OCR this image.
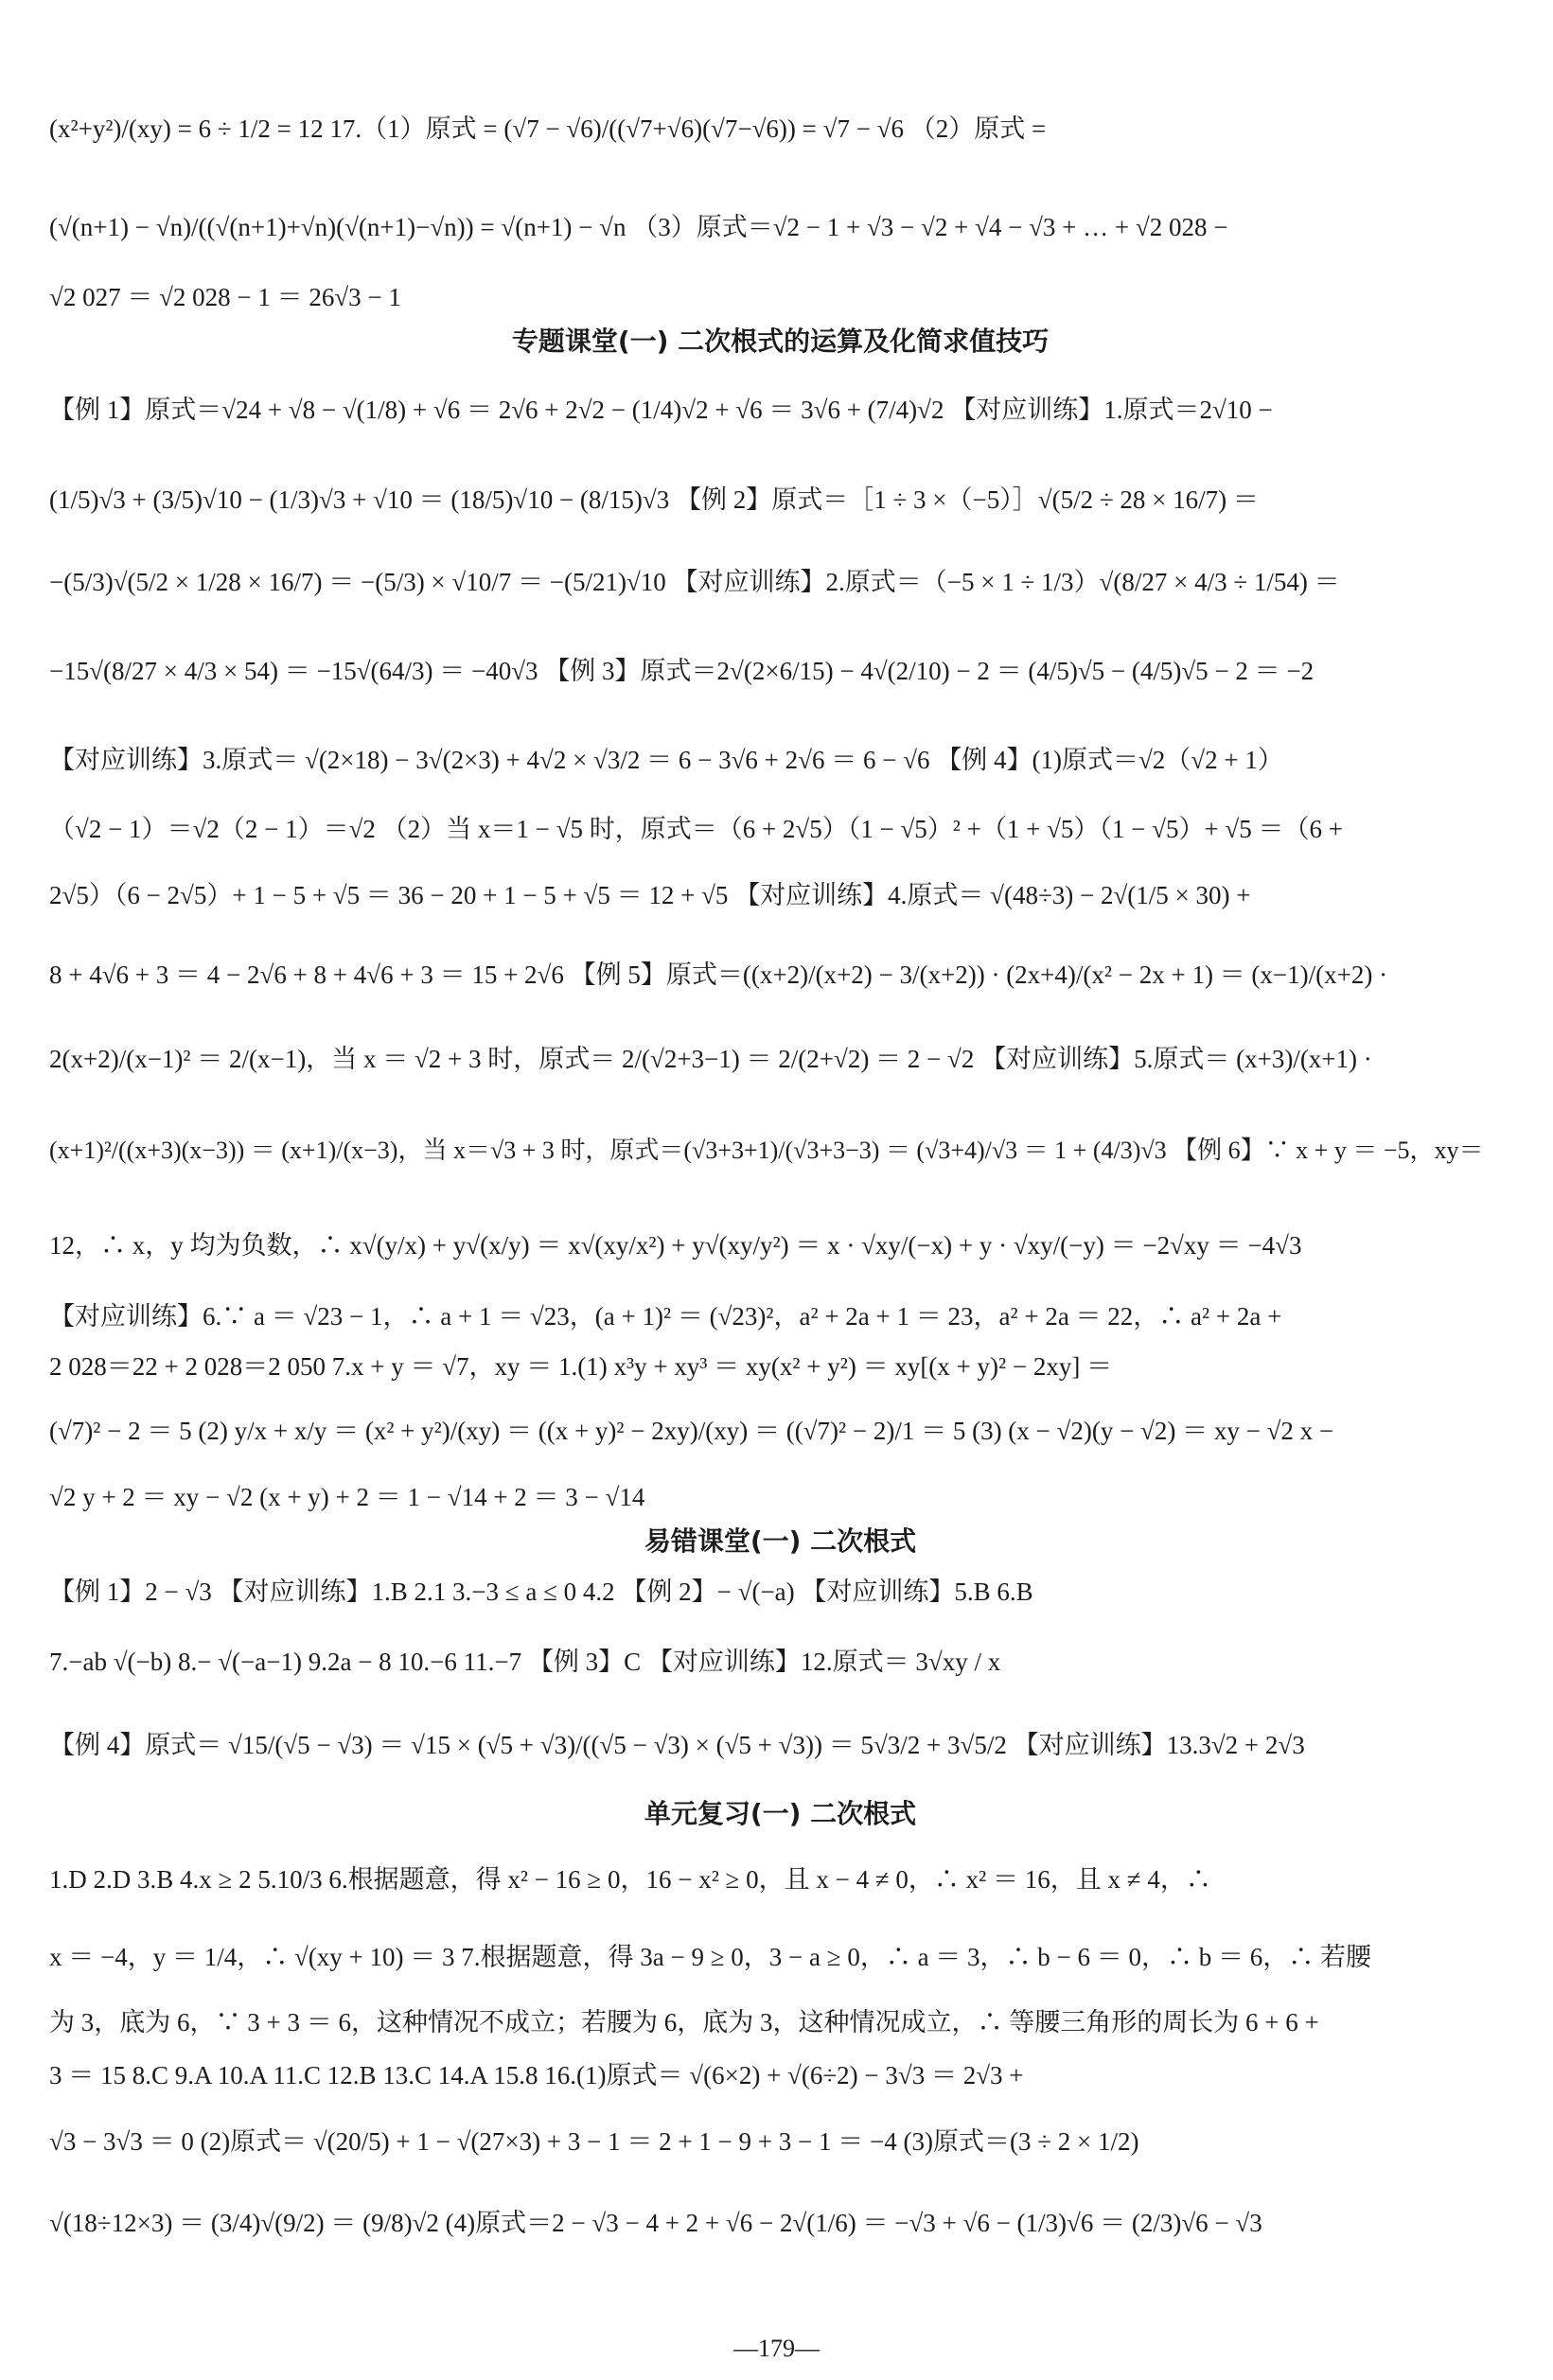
(x²+y²)/(xy) = 6 ÷ 1/2 = 12 17.（1）原式 = (√7 − √6)/((√7+√6)(√7−√6)) = √7 − √6 （2）原式 =
(√(n+1) − √n)/((√(n+1)+√n)(√(n+1)−√n)) = √(n+1) − √n （3）原式＝√2 − 1 + √3 − √2 + √4 − √3 + … + √2 028 −
√2 027 ＝ √2 028 − 1 ＝ 26√3 − 1
专题课堂(一) 二次根式的运算及化简求值技巧
【例 1】原式＝√24 + √8 − √(1/8) + √6 ＝ 2√6 + 2√2 − (1/4)√2 + √6 ＝ 3√6 + (7/4)√2 【对应训练】1.原式＝2√10 −
(1/5)√3 + (3/5)√10 − (1/3)√3 + √10 ＝ (18/5)√10 − (8/15)√3 【例 2】原式＝［1 ÷ 3 ×（−5）］√(5/2 ÷ 28 × 16/7) ＝
−(5/3)√(5/2 × 1/28 × 16/7) ＝ −(5/3) × √10/7 ＝ −(5/21)√10 【对应训练】2.原式＝（−5 × 1 ÷ 1/3）√(8/27 × 4/3 ÷ 1/54) ＝
−15√(8/27 × 4/3 × 54) ＝ −15√(64/3) ＝ −40√3 【例 3】原式＝2√(2×6/15) − 4√(2/10) − 2 ＝ (4/5)√5 − (4/5)√5 − 2 ＝ −2
【对应训练】3.原式＝ √(2×18) − 3√(2×3) + 4√2 × √3/2 ＝ 6 − 3√6 + 2√6 ＝ 6 − √6 【例 4】(1)原式＝√2（√2 + 1）
（√2 − 1）＝√2（2 − 1）＝√2 （2）当 x＝1 − √5 时，原式＝（6 + 2√5）（1 − √5）² +（1 + √5）（1 − √5）+ √5 ＝（6 +
2√5）（6 − 2√5）+ 1 − 5 + √5 ＝ 36 − 20 + 1 − 5 + √5 ＝ 12 + √5 【对应训练】4.原式＝ √(48÷3) − 2√(1/5 × 30) +
8 + 4√6 + 3 ＝ 4 − 2√6 + 8 + 4√6 + 3 ＝ 15 + 2√6 【例 5】原式＝((x+2)/(x+2) − 3/(x+2)) · (2x+4)/(x² − 2x + 1) ＝ (x−1)/(x+2) ·
2(x+2)/(x−1)² ＝ 2/(x−1)，当 x ＝ √2 + 3 时，原式＝ 2/(√2+3−1) ＝ 2/(2+√2) ＝ 2 − √2 【对应训练】5.原式＝ (x+3)/(x+1) ·
(x+1)²/((x+3)(x−3)) ＝ (x+1)/(x−3)，当 x＝√3 + 3 时，原式＝(√3+3+1)/(√3+3−3) ＝ (√3+4)/√3 ＝ 1 + (4/3)√3 【例 6】∵ x + y ＝ −5，xy＝
12，∴ x，y 均为负数，∴ x√(y/x) + y√(x/y) ＝ x√(xy/x²) + y√(xy/y²) ＝ x · √xy/(−x) + y · √xy/(−y) ＝ −2√xy ＝ −4√3
【对应训练】6.∵ a ＝ √23 − 1，∴ a + 1 ＝ √23，(a + 1)² ＝ (√23)²，a² + 2a + 1 ＝ 23，a² + 2a ＝ 22，∴ a² + 2a +
2 028＝22 + 2 028＝2 050 7.x + y ＝ √7，xy ＝ 1.(1) x³y + xy³ ＝ xy(x² + y²) ＝ xy[(x + y)² − 2xy] ＝
(√7)² − 2 ＝ 5 (2) y/x + x/y ＝ (x² + y²)/(xy) ＝ ((x + y)² − 2xy)/(xy) ＝ ((√7)² − 2)/1 ＝ 5 (3) (x − √2)(y − √2) ＝ xy − √2 x −
√2 y + 2 ＝ xy − √2 (x + y) + 2 ＝ 1 − √14 + 2 ＝ 3 − √14
易错课堂(一) 二次根式
【例 1】2 − √3 【对应训练】1.B 2.1 3.−3 ≤ a ≤ 0 4.2 【例 2】− √(−a) 【对应训练】5.B 6.B
7.−ab √(−b) 8.− √(−a−1) 9.2a − 8 10.−6 11.−7 【例 3】C 【对应训练】12.原式＝ 3√xy / x
【例 4】原式＝ √15/(√5 − √3) ＝ √15 × (√5 + √3)/((√5 − √3) × (√5 + √3)) ＝ 5√3/2 + 3√5/2 【对应训练】13.3√2 + 2√3
单元复习(一) 二次根式
1.D 2.D 3.B 4.x ≥ 2 5.10/3 6.根据题意，得 x² − 16 ≥ 0，16 − x² ≥ 0，且 x − 4 ≠ 0，∴ x² ＝ 16，且 x ≠ 4，∴
x ＝ −4，y ＝ 1/4，∴ √(xy + 10) ＝ 3 7.根据题意，得 3a − 9 ≥ 0，3 − a ≥ 0，∴ a ＝ 3，∴ b − 6 ＝ 0，∴ b ＝ 6，∴ 若腰
为 3，底为 6，∵ 3 + 3 ＝ 6，这种情况不成立；若腰为 6，底为 3，这种情况成立，∴ 等腰三角形的周长为 6 + 6 +
3 ＝ 15 8.C 9.A 10.A 11.C 12.B 13.C 14.A 15.8 16.(1)原式＝ √(6×2) + √(6÷2) − 3√3 ＝ 2√3 +
√3 − 3√3 ＝ 0 (2)原式＝ √(20/5) + 1 − √(27×3) + 3 − 1 ＝ 2 + 1 − 9 + 3 − 1 ＝ −4 (3)原式＝(3 ÷ 2 × 1/2)
√(18÷12×3) ＝ (3/4)√(9/2) ＝ (9/8)√2 (4)原式＝2 − √3 − 4 + 2 + √6 − 2√(1/6) ＝ −√3 + √6 − (1/3)√6 ＝ (2/3)√6 − √3
—179—
